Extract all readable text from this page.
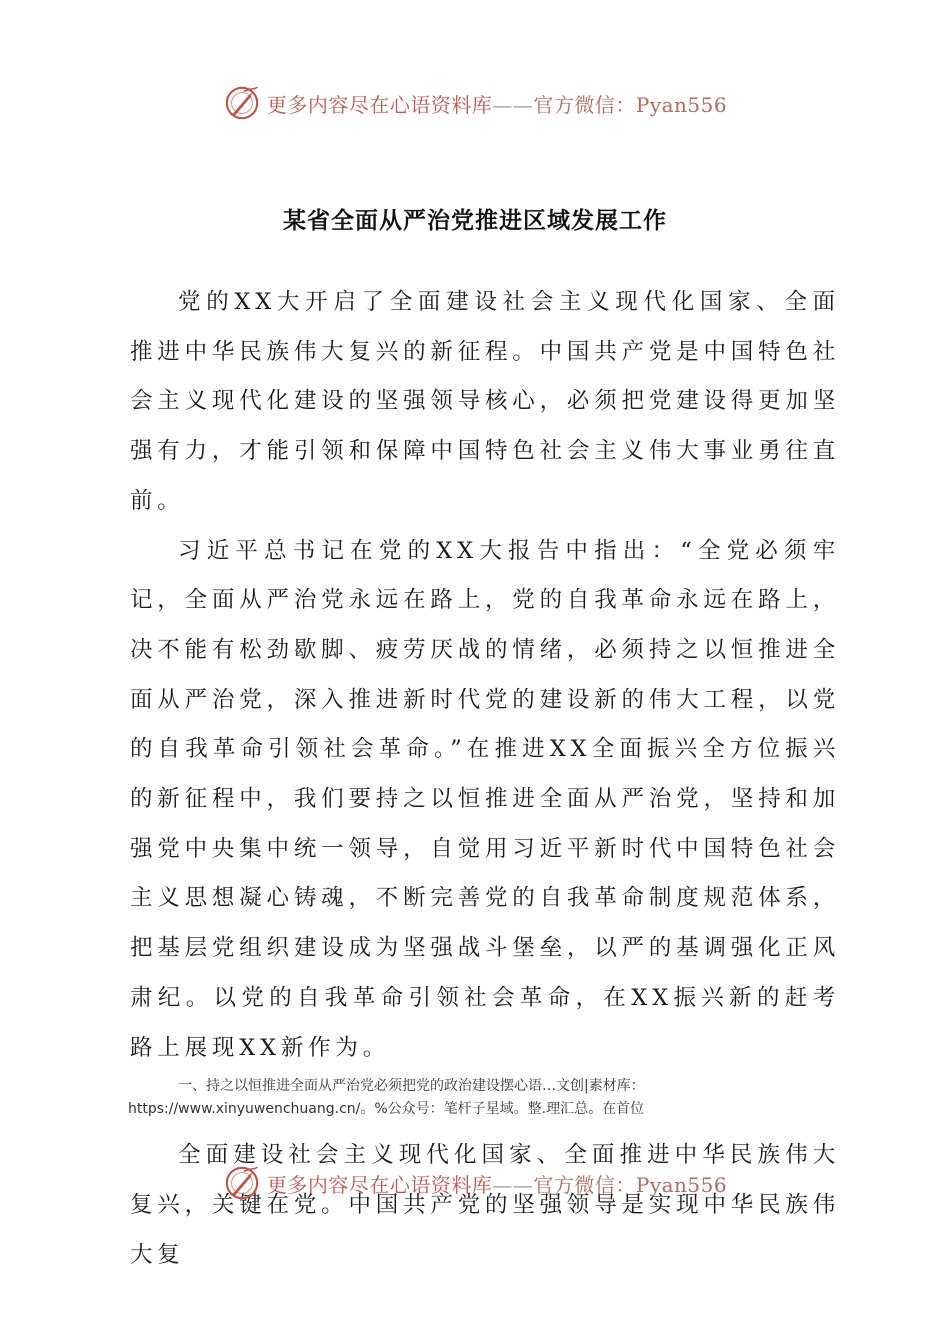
更多内容尽在心语资料库——官方微信：Pyan556
某省全面从严治党推进区域发展工作

党的XX大开启了全面建设社会主义现代化国家、全面推进中华民族伟大复兴的新征程。中国共产党是中国特色社会主义现代化建设的坚强领导核心，必须把党建设得更加坚强有力，才能引领和保障中国特色社会主义伟大事业勇往直前。

习近平总书记在党的XX大报告中指出：“全党必须牢记，全面从严治党永远在路上，党的自我革命永远在路上，决不能有松劲歇脚、疲劳厌战的情绪，必须持之以恒推进全面从严治党，深入推进新时代党的建设新的伟大工程，以党的自我革命引领社会革命。”在推进XX全面振兴全方位振兴的新征程中，我们要持之以恒推进全面从严治党，坚持和加强党中央集中统一领导，自觉用习近平新时代中国特色社会主义思想凝心铸魂，不断完善党的自我革命制度规范体系，把基层党组织建设成为坚强战斗堡垒，以严的基调强化正风肃纪。以党的自我革命引领社会革命，在XX振兴新的赶考路上展现XX新作为。

一、持之以恒推进全面从严治党必须把党的政治建设摆心语…文创|素材库：https://www.xinyuwenchuang.cn/。%公众号：笔杆子星域。整.理汇总。在首位

全面建设社会主义现代化国家、全面推进中华民族伟大复兴，关键在党。中国共产党的坚强领导是实现中华民族伟大复

更多内容尽在心语资料库——官方微信：Pyan556
